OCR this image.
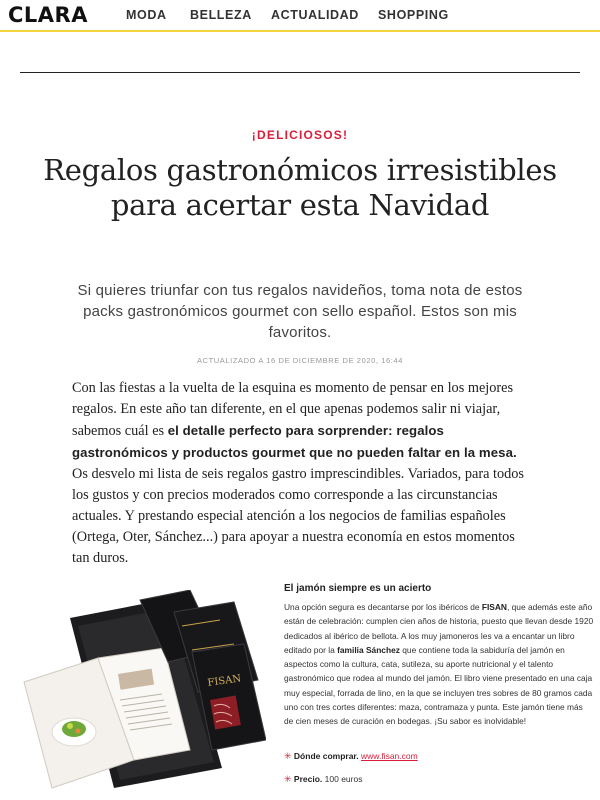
CLARA	MODA BELLEZA ACTUALIDAD SHOPPING
¡DELICIOSOS!
Regalos gastronómicos irresistibles para acertar esta Navidad

Si quieres triunfar con tus regalos navideños, toma nota de estos packs gastronómicos gourmet con sello español. Estos son mis favoritos.

ACTUALIZADO A 16 DE DICIEMBRE DE 2020, 16:44
Con las fiestas a la vuelta de la esquina es momento de pensar en los mejores regalos. En este año tan diferente, en el que apenas podemos salir ni viajar, sabemos cuál es el detalle perfecto para sorprender: regalos gastronómicos y productos gourmet que no pueden faltar en la mesa. Os desvelo mi lista de seis regalos gastro imprescindibles. Variados, para todos los gustos y con precios moderados como corresponde a las circunstancias actuales. Y prestando especial atención a los negocios de familias españoles (Ortega, Oter, Sánchez...) para apoyar a nuestra economía en estos momentos tan duros.
FISAN
El jamón siempre es un acierto
Una opción segura es decantarse por los ibéricos de FISAN, que además este año están de celebración: cumplen cien años de historia, puesto que llevan desde 1920 dedicados al ibérico de bellota. A los muy jamoneros les va a encantar un libro editado por la familia Sánchez que contiene toda la sabiduría del jamón en aspectos como la cultura, cata, sutileza, su aporte nutricional y el talento gastronómico que rodea al mundo del jamón. El libro viene presentado en una caja muy especial, forrada de lino, en la que se incluyen tres sobres de 80 gramos cada uno con tres cortes diferentes: maza, contramaza y punta. Este jamón tiene más de cien meses de curación en bodegas. ¡Su sabor es inolvidable!
✳ Dónde comprar. www.fisan.com
✳ Precio. 100 euros
